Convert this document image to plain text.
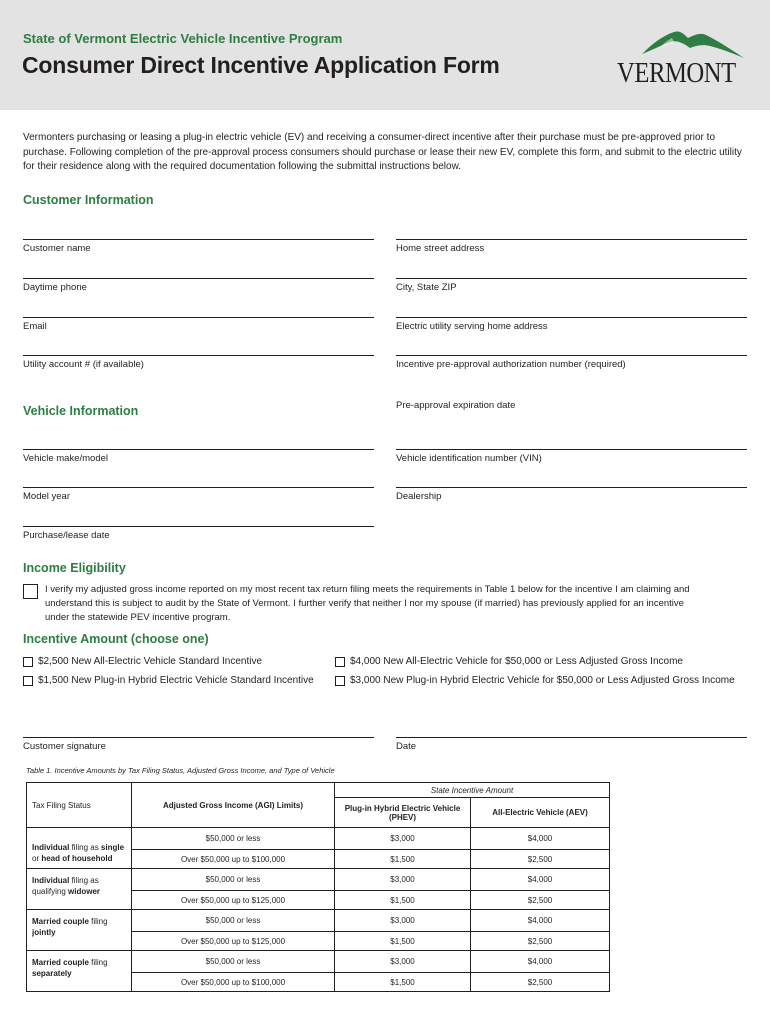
State of Vermont Electric Vehicle Incentive Program
Consumer Direct Incentive Application Form	VERMONT
Vermonters purchasing or leasing a plug-in electric vehicle (EV) and receiving a consumer-direct incentive after their purchase must be pre-approved prior to purchase. Following completion of the pre-approval process consumers should purchase or lease their new EV, complete this form, and submit to the electric utility for their residence along with the required documentation following the submittal instructions below.
Customer Information
Customer name	Home street address
Daytime phone	City, State ZIP
Email	Electric utility serving home address
Utility account # (if available)	Incentive pre-approval authorization number (required)
Vehicle Information	Pre-approval expiration date
Vehicle make/model	Vehicle identification number (VIN)
Model year	Dealership
Purchase/lease date
Income Eligibility
I verify my adjusted gross income reported on my most recent tax return filing meets the requirements in Table 1 below for the incentive I am claiming and understand this is subject to audit by the State of Vermont. I further verify that neither I nor my spouse (if married) has previously applied for an incentive under the statewide PEV incentive program.
Incentive Amount (choose one)
$2,500 New All-Electric Vehicle Standard Incentive	$4,000 New All-Electric Vehicle for $50,000 or Less Adjusted Gross Income
$1,500 New Plug-in Hybrid Electric Vehicle Standard Incentive	$3,000 New Plug-in Hybrid Electric Vehicle for $50,000 or Less Adjusted Gross Income
Customer signature	Date
Table 1. Incentive Amounts by Tax Filing Status, Adjusted Gross Income, and Type of Vehicle
Tax Filing Status	Adjusted Gross Income (AGI) Limits)	State Incentive Amount	
		Plug-in Hybrid Electric Vehicle (PHEV)	All-Electric Vehicle (AEV)
Individual filing as single or head of household	$50,000 or less	$3,000	$4,000
	Over $50,000 up to $100,000	$1,500	$2,500
Individual filing as qualifying widower	$50,000 or less	$3,000	$4,000
	Over $50,000 up to $125,000	$1,500	$2,500
Married couple filing jointly	$50,000 or less	$3,000	$4,000
	Over $50,000 up to $125,000	$1,500	$2,500
Married couple filing separately	$50,000 or less	$3,000	$4,000
	Over $50,000 up to $100,000	$1,500	$2,500
